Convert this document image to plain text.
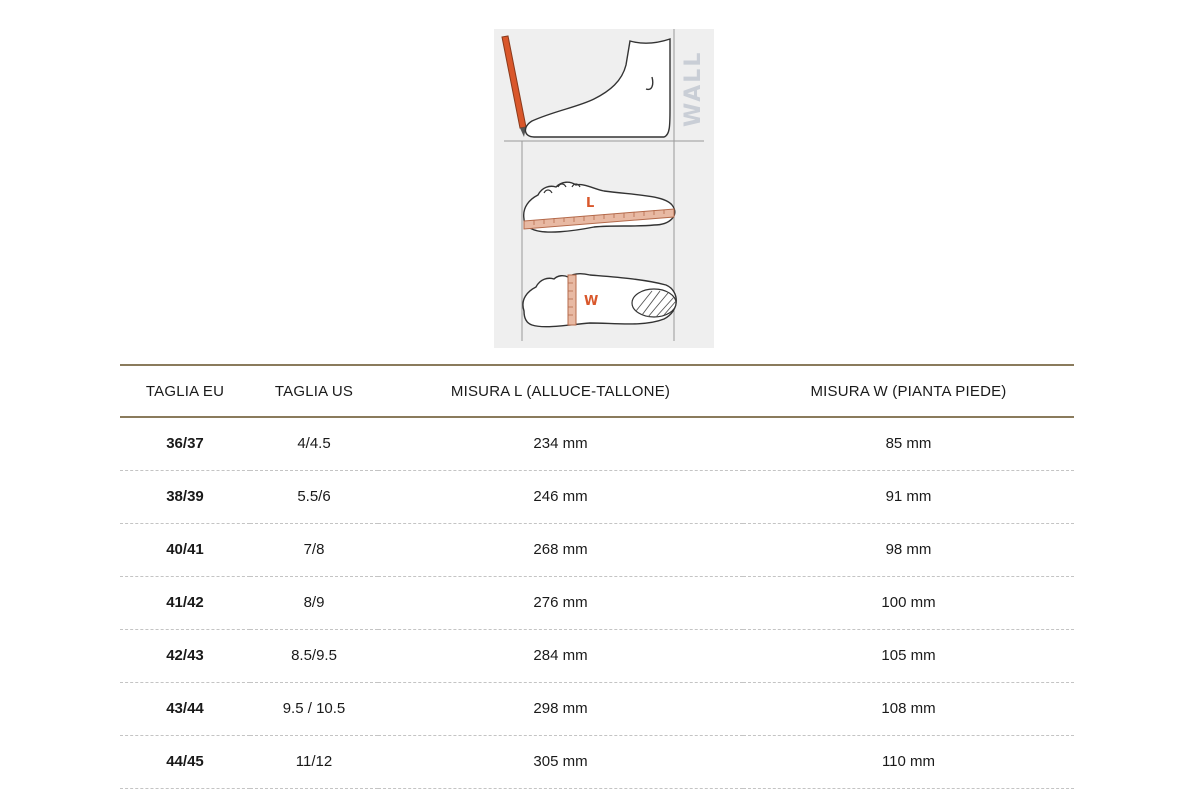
WALL
L
W
TAGLIA EU	TAGLIA US	MISURA L (ALLUCE-TALLONE)	MISURA W (PIANTA PIEDE)
36/37	4/4.5	234 mm	85 mm
38/39	5.5/6	246 mm	91 mm
40/41	7/8	268 mm	98 mm
41/42	8/9	276 mm	100 mm
42/43	8.5/9.5	284 mm	105 mm
43/44	9.5 / 10.5	298 mm	108 mm
44/45	11/12	305 mm	110 mm
